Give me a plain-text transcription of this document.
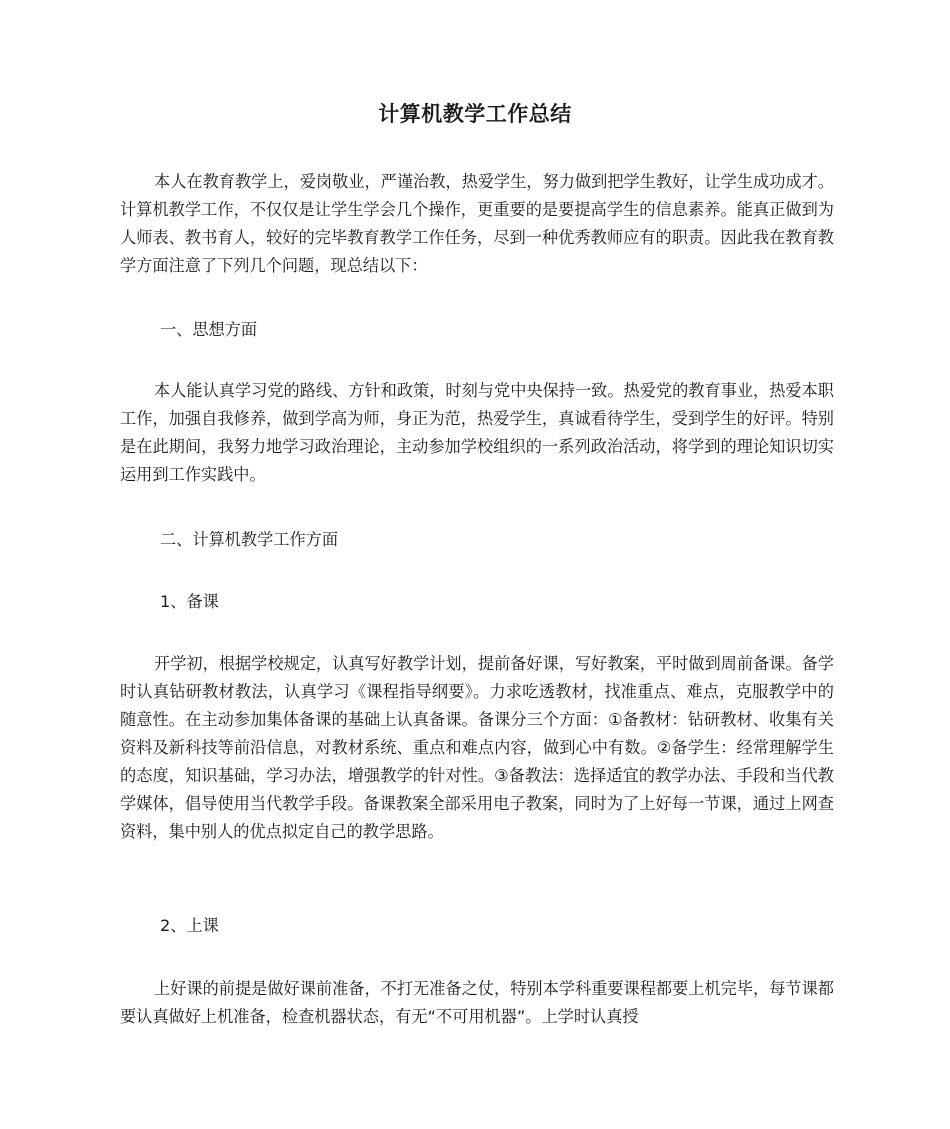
计算机教学工作总结
本人在教育教学上，爱岗敬业，严谨治教，热爱学生，努力做到把学生教好，让学生成功成才。计算机教学工作，不仅仅是让学生学会几个操作，更重要的是要提高学生的信息素养。能真正做到为人师表、教书育人，较好的完毕教育教学工作任务，尽到一种优秀教师应有的职责。因此我在教育教学方面注意了下列几个问题，现总结以下：
一、思想方面
本人能认真学习党的路线、方针和政策，时刻与党中央保持一致。热爱党的教育事业，热爱本职工作，加强自我修养，做到学高为师，身正为范，热爱学生，真诚看待学生，受到学生的好评。特别是在此期间，我努力地学习政治理论，主动参加学校组织的一系列政治活动，将学到的理论知识切实运用到工作实践中。
二、计算机教学工作方面
1、备课
开学初，根据学校规定，认真写好教学计划，提前备好课，写好教案，平时做到周前备课。备学时认真钻研教材教法，认真学习《课程指导纲要》。力求吃透教材，找准重点、难点，克服教学中的随意性。在主动参加集体备课的基础上认真备课。备课分三个方面：①备教材：钻研教材、收集有关资料及新科技等前沿信息，对教材系统、重点和难点内容，做到心中有数。②备学生：经常理解学生的态度，知识基础，学习办法，增强教学的针对性。③备教法：选择适宜的教学办法、手段和当代教学媒体，倡导使用当代教学手段。备课教案全部采用电子教案，同时为了上好每一节课，通过上网查资料，集中别人的优点拟定自己的教学思路。
2、上课
上好课的前提是做好课前准备，不打无准备之仗，特别本学科重要课程都要上机完毕，每节课都要认真做好上机准备，检查机器状态，有无“不可用机器”。上学时认真授
